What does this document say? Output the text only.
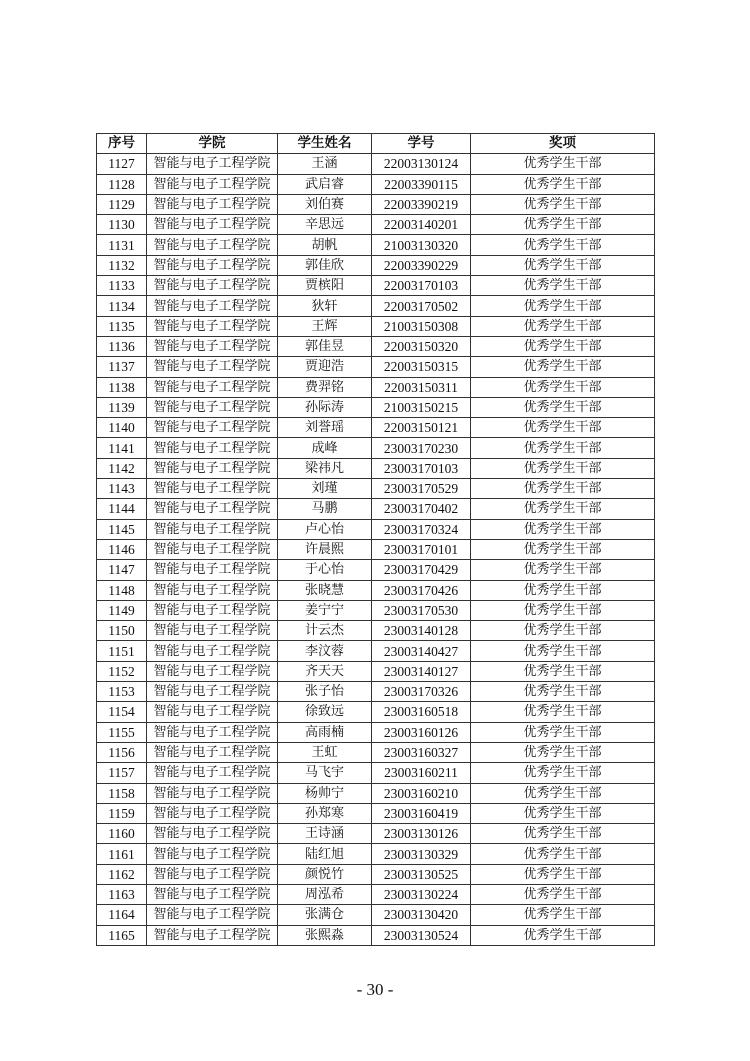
序号	学院	学生姓名	学号	奖项
1127	智能与电子工程学院	王涵	22003130124	优秀学生干部
1128	智能与电子工程学院	武启睿	22003390115	优秀学生干部
1129	智能与电子工程学院	刘伯赛	22003390219	优秀学生干部
1130	智能与电子工程学院	辛思远	22003140201	优秀学生干部
1131	智能与电子工程学院	胡帆	21003130320	优秀学生干部
1132	智能与电子工程学院	郭佳欣	22003390229	优秀学生干部
1133	智能与电子工程学院	贾槟阳	22003170103	优秀学生干部
1134	智能与电子工程学院	狄轩	22003170502	优秀学生干部
1135	智能与电子工程学院	王辉	21003150308	优秀学生干部
1136	智能与电子工程学院	郭佳昱	22003150320	优秀学生干部
1137	智能与电子工程学院	贾迎浩	22003150315	优秀学生干部
1138	智能与电子工程学院	费羿铭	22003150311	优秀学生干部
1139	智能与电子工程学院	孙际涛	21003150215	优秀学生干部
1140	智能与电子工程学院	刘誉瑶	22003150121	优秀学生干部
1141	智能与电子工程学院	成峰	23003170230	优秀学生干部
1142	智能与电子工程学院	梁祎凡	23003170103	优秀学生干部
1143	智能与电子工程学院	刘瑾	23003170529	优秀学生干部
1144	智能与电子工程学院	马鹏	23003170402	优秀学生干部
1145	智能与电子工程学院	卢心怡	23003170324	优秀学生干部
1146	智能与电子工程学院	许晨熙	23003170101	优秀学生干部
1147	智能与电子工程学院	于心怡	23003170429	优秀学生干部
1148	智能与电子工程学院	张晓慧	23003170426	优秀学生干部
1149	智能与电子工程学院	姜宁宁	23003170530	优秀学生干部
1150	智能与电子工程学院	计云杰	23003140128	优秀学生干部
1151	智能与电子工程学院	李汶蓉	23003140427	优秀学生干部
1152	智能与电子工程学院	齐天天	23003140127	优秀学生干部
1153	智能与电子工程学院	张子怡	23003170326	优秀学生干部
1154	智能与电子工程学院	徐致远	23003160518	优秀学生干部
1155	智能与电子工程学院	高雨楠	23003160126	优秀学生干部
1156	智能与电子工程学院	王虹	23003160327	优秀学生干部
1157	智能与电子工程学院	马飞宇	23003160211	优秀学生干部
1158	智能与电子工程学院	杨帅宁	23003160210	优秀学生干部
1159	智能与电子工程学院	孙郑寒	23003160419	优秀学生干部
1160	智能与电子工程学院	王诗涵	23003130126	优秀学生干部
1161	智能与电子工程学院	陆红旭	23003130329	优秀学生干部
1162	智能与电子工程学院	颜悦竹	23003130525	优秀学生干部
1163	智能与电子工程学院	周泓希	23003130224	优秀学生干部
1164	智能与电子工程学院	张满仓	23003130420	优秀学生干部
1165	智能与电子工程学院	张熙淼	23003130524	优秀学生干部
- 30 -
